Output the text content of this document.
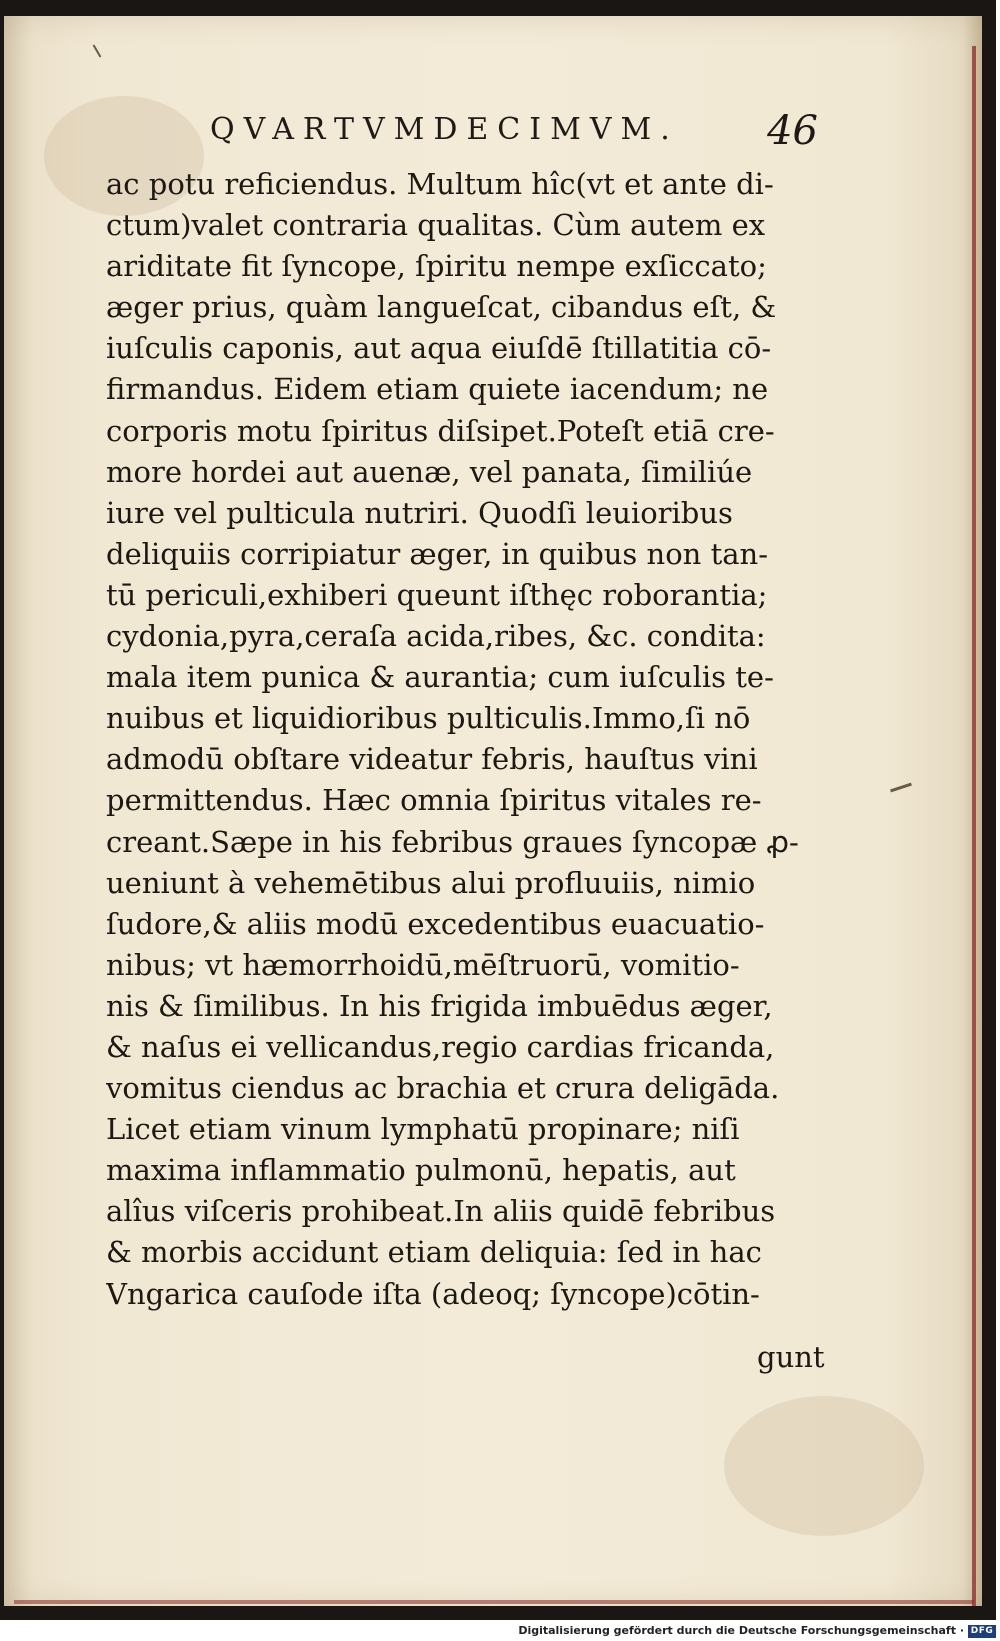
QVARTVMDECIMVM. 46
ac potu reficiendus. Multum hîc(vt et ante di-
ctum)valet contraria qualitas. Cùm autem ex
ariditate fit ſyncope, ſpiritu nempe exſiccato;
æger prius, quàm langueſcat, cibandus eſt, &
iuſculis caponis, aut aqua eiuſdē ſtillatitia cō-
firmandus. Eidem etiam quiete iacendum; ne
corporis motu ſpiritus diſsipet.Poteſt etiā cre-
more hordei aut auenæ, vel panata, ſimiliúe
iure vel pulticula nutriri. Quodſi leuioribus
deliquiis corripiatur æger, in quibus non tan-
tū periculi,exhiberi queunt iſthęc roborantia;
cydonia,pyra,ceraſa acida,ribes, &c. condita:
mala item punica & aurantia; cum iuſculis te-
nuibus et liquidioribus pulticulis.Immo,ſi nō
admodū obſtare videatur febris, hauſtus vini
permittendus. Hæc omnia ſpiritus vitales re-
creant.Sæpe in his febribus graues ſyncopæ ꝓ-
ueniunt à vehemētibus alui profluuiis, nimio
ſudore,& aliis modū excedentibus euacuatio-
nibus; vt hæmorrhoidū,mēſtruorū, vomitio-
nis & ſimilibus. In his frigida imbuēdus æger,
& naſus ei vellicandus,regio cardias fricanda,
vomitus ciendus ac brachia et crura deligāda.
Licet etiam vinum lymphatū propinare; niſi
maxima inflammatio pulmonū, hepatis, aut
alîus viſceris prohibeat.In aliis quidē febribus
& morbis accidunt etiam deliquia: ſed in hac
Vngarica cauſode iſta (adeoq; ſyncope)cōtin-
gunt
Digitalisierung gefördert durch die Deutsche Forschungsgemeinschaft · DFG
